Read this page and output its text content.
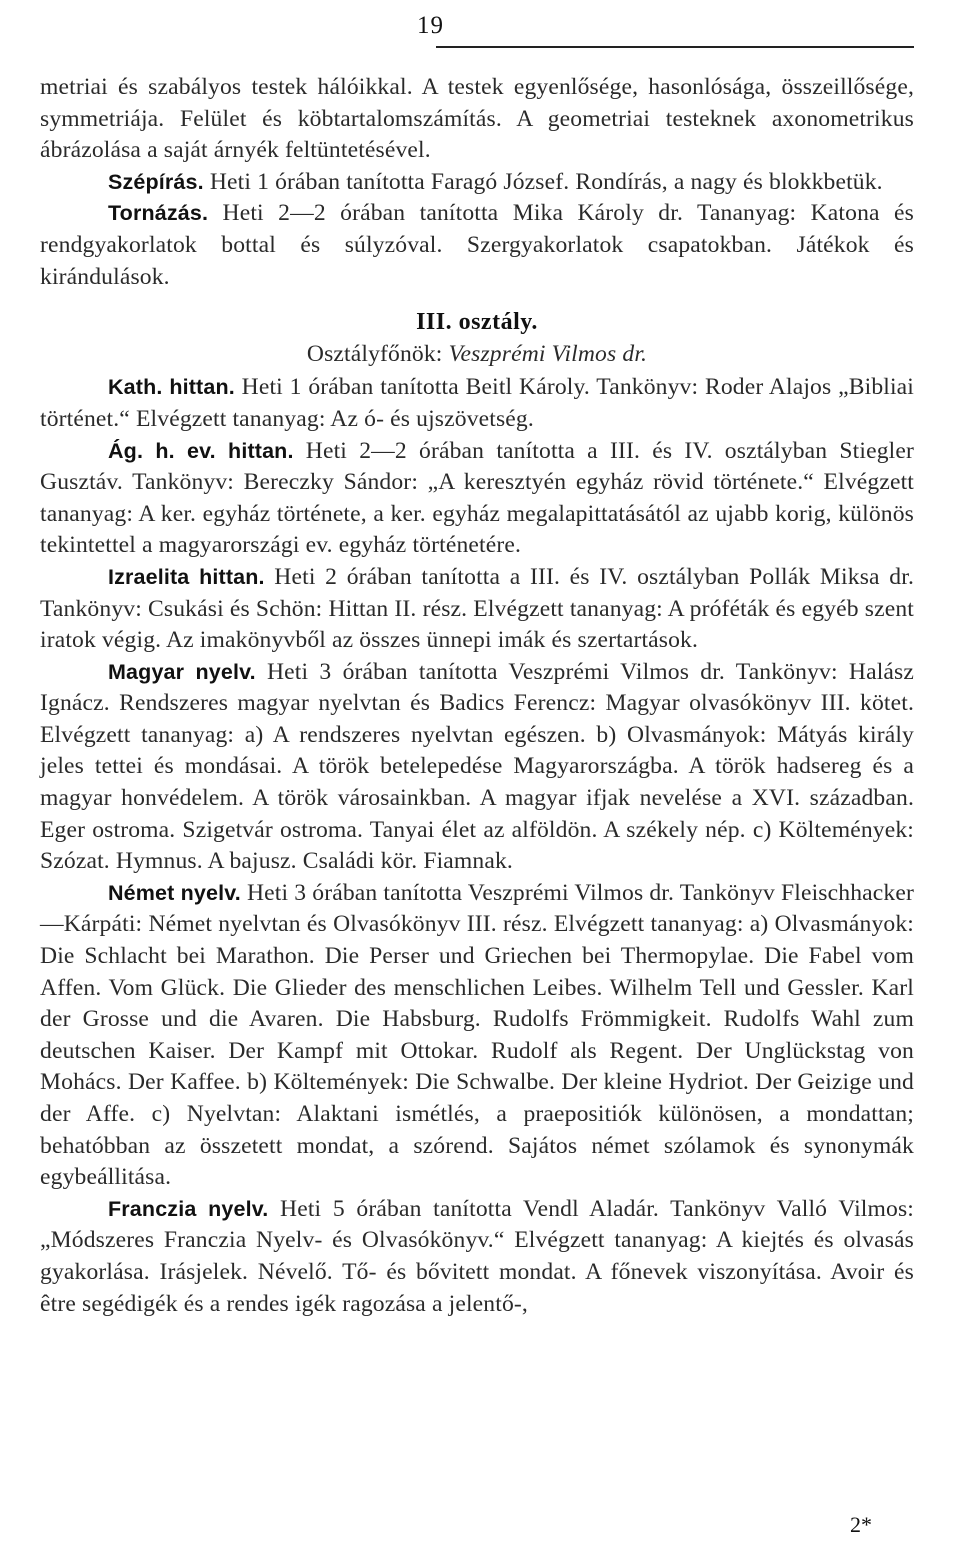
19

metriai és szabályos testek hálóikkal. A testek egyenlősége, hasonlósága, összeillősége, symmetriája. Felület és köbtartalomszámítás. A geometriai testeknek axonometrikus ábrázolása a saját árnyék feltüntetésével.

Szépírás. Heti 1 órában tanította Faragó József. Rondírás, a nagy és blokkbetük.

Tornázás. Heti 2—2 órában tanította Mika Károly dr. Tananyag: Katona és rendgyakorlatok bottal és súlyzóval. Szergyakorlatok csapatokban. Játékok és kirándulások.

III. osztály.

Osztályfőnök: Veszprémi Vilmos dr.

Kath. hittan. Heti 1 órában tanította Beitl Károly. Tankönyv: Roder Alajos „Bibliai történet.“ Elvégzett tananyag: Az ó- és ujszövetség.

Ág. h. ev. hittan. Heti 2—2 órában tanította a III. és IV. osztályban Stiegler Gusztáv. Tankönyv: Bereczky Sándor: „A keresztyén egyház rövid története.“ Elvégzett tananyag: A ker. egyház története, a ker. egyház megalapittatásától az ujabb korig, különös tekintettel a magyarországi ev. egyház történetére.

Izraelita hittan. Heti 2 órában tanította a III. és IV. osztályban Pollák Miksa dr. Tankönyv: Csukási és Schön: Hittan II. rész. Elvégzett tananyag: A próféták és egyéb szent iratok végig. Az imakönyvből az összes ünnepi imák és szertartások.

Magyar nyelv. Heti 3 órában tanította Veszprémi Vilmos dr. Tankönyv: Halász Ignácz. Rendszeres magyar nyelvtan és Badics Ferencz: Magyar olvasókönyv III. kötet. Elvégzett tananyag: a) A rendszeres nyelvtan egészen. b) Olvasmányok: Mátyás király jeles tettei és mondásai. A török betelepedése Magyarországba. A török hadsereg és a magyar honvédelem. A török városainkban. A magyar ifjak nevelése a XVI. században. Eger ostroma. Szigetvár ostroma. Tanyai élet az alföldön. A székely nép. c) Költemények: Szózat. Hymnus. A bajusz. Családi kör. Fiamnak.

Német nyelv. Heti 3 órában tanította Veszprémi Vilmos dr. Tankönyv Fleischhacker—Kárpáti: Német nyelvtan és Olvasókönyv III. rész. Elvégzett tananyag: a) Olvasmányok: Die Schlacht bei Marathon. Die Perser und Griechen bei Thermopylae. Die Fabel vom Affen. Vom Glück. Die Glieder des menschlichen Leibes. Wilhelm Tell und Gessler. Karl der Grosse und die Avaren. Die Habsburg. Rudolfs Frömmigkeit. Rudolfs Wahl zum deutschen Kaiser. Der Kampf mit Ottokar. Rudolf als Regent. Der Unglückstag von Mohács. Der Kaffee. b) Költemények: Die Schwalbe. Der kleine Hydriot. Der Geizige und der Affe. c) Nyelvtan: Alaktani ismétlés, a praepositiók különösen, a mondattan; behatóbban az összetett mondat, a szórend. Sajátos német szólamok és synonymák egybeállitása.

Franczia nyelv. Heti 5 órában tanította Vendl Aladár. Tankönyv Valló Vilmos: „Módszeres Franczia Nyelv- és Olvasókönyv.“ Elvégzett tananyag: A kiejtés és olvasás gyakorlása. Irásjelek. Névelő. Tő- és bővitett mondat. A főnevek viszonyítása. Avoir és être segédigék és a rendes igék ragozása a jelentő-,

2*
